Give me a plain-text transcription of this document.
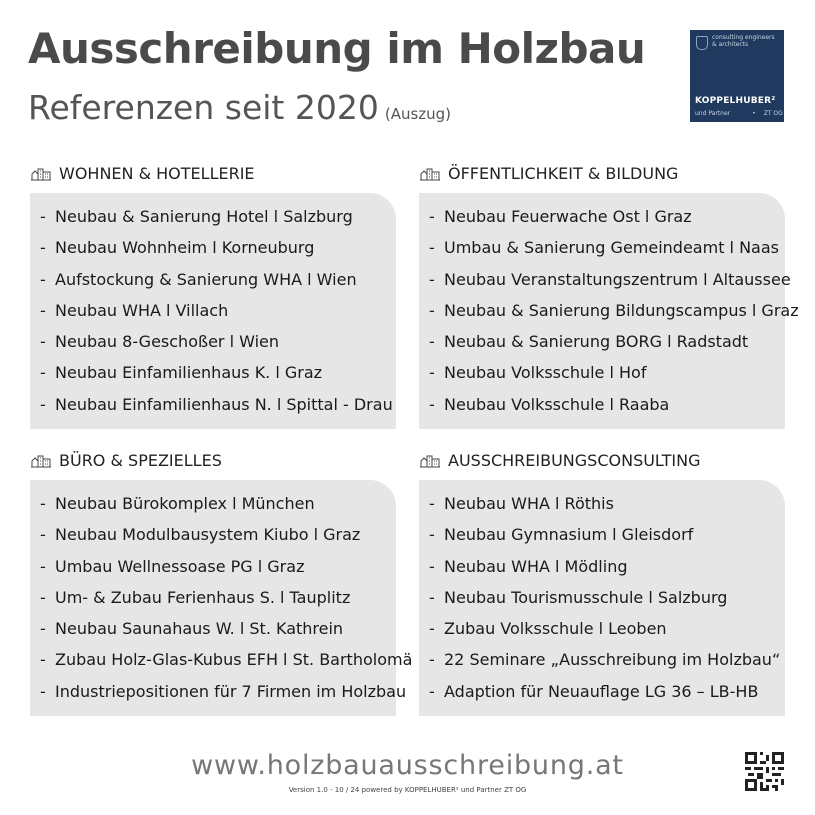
Ausschreibung im Holzbau
Referenzen seit 2020 (Auszug)
consulting engineers & architects
KOPPELHUBER²
und Partner	• ZT OG
WOHNEN & HOTELLERIE
- Neubau & Sanierung Hotel l Salzburg
- Neubau Wohnheim l Korneuburg
- Aufstockung & Sanierung WHA l Wien
- Neubau WHA l Villach
- Neubau 8-Geschoßer l Wien
- Neubau Einfamilienhaus K. l Graz
- Neubau Einfamilienhaus N. l Spittal - Drau
ÖFFENTLICHKEIT & BILDUNG
- Neubau Feuerwache Ost l Graz
- Umbau & Sanierung Gemeindeamt l Naas
- Neubau Veranstaltungszentrum l Altaussee
- Neubau & Sanierung Bildungscampus l Graz
- Neubau & Sanierung BORG l Radstadt
- Neubau Volksschule l Hof
- Neubau Volksschule l Raaba
BÜRO & SPEZIELLES
- Neubau Bürokomplex l München
- Neubau Modulbausystem Kiubo l Graz
- Umbau Wellnessoase PG l Graz
- Um- & Zubau Ferienhaus S. l Tauplitz
- Neubau Saunahaus W. l St. Kathrein
- Zubau Holz-Glas-Kubus EFH l St. Bartholomä
- Industriepositionen für 7 Firmen im Holzbau
AUSSCHREIBUNGSCONSULTING
- Neubau WHA l Röthis
- Neubau Gymnasium l Gleisdorf
- Neubau WHA l Mödling
- Neubau Tourismusschule l Salzburg
- Zubau Volksschule l Leoben
- 22 Seminare „Ausschreibung im Holzbau“
- Adaption für Neuauflage LG 36 – LB-HB
www.holzbauausschreibung.at
Version 1.0 - 10 / 24 powered by KOPPELHUBER² und Partner ZT OG
